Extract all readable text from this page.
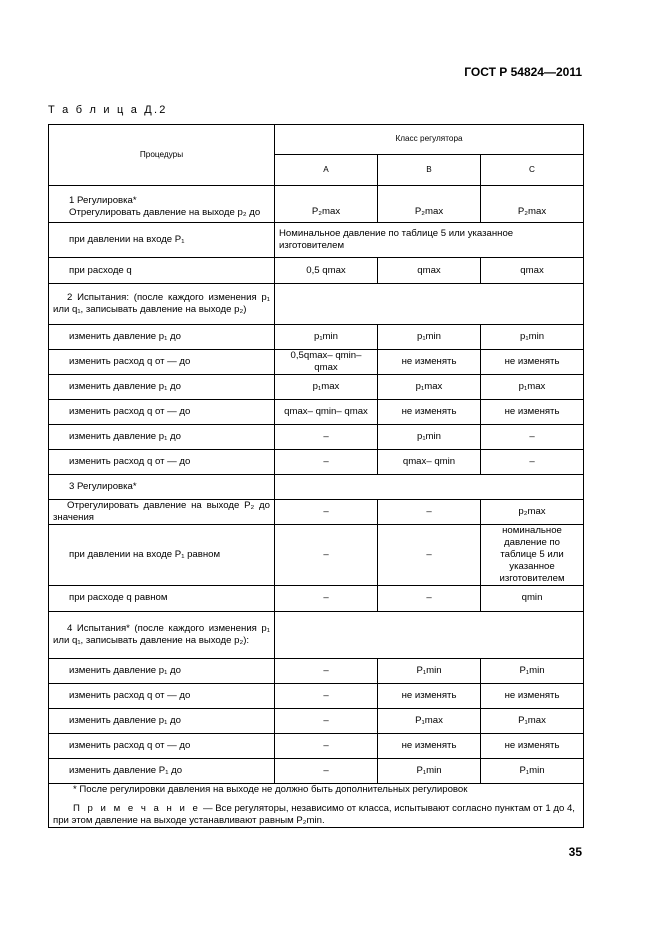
ГОСТ Р 54824—2011
Т а б л и ц а Д.2
Процедуры	Класс регулятора		
	A	B	C

1 Регулировка*
Отрегулировать давление на выходе p₂ до	P₂max	P₂max	P₂max
при давлении на входе P₁	Номинальное давление по таблице 5 или указанное изготовителем		
при расходе q	0,5 qmax	qmax	qmax
2 Испытания: (после каждого изменения p₁ или q₁, записывать давление на выходе p₂)			
изменить давление p₁ до	p₁min	p₁min	p₁min
изменить расход q от — до	0,5qmax– qmin– qmax	не изменять	не изменять
изменить давление p₁ до	p₁max	p₁max	p₁max
изменить расход q от — до	qmax– qmin– qmax	не изменять	не изменять
изменить давление p₁ до	–	p₁min	–
изменить расход q от — до	–	qmax– qmin	–
3 Регулировка*			
Отрегулировать давление на выходе P₂ до значения	–	–	p₂max
при давлении на входе P₁ равном	–	–	номинальное давление по таблице 5 или указанное изготовителем
при расходе q равном	–	–	qmin
4 Испытания* (после каждого изменения p₁ или q₁, записывать давление на выходе p₂):			
изменить давление p₁ до	–	P₁min	P₁min
изменить расход q от — до	–	не изменять	не изменять
изменить давление p₁ до	–	P₁max	P₁max
изменить расход q от — до	–	не изменять	не изменять
изменить давление P₁ до	–	P₁min	P₁min

* После регулировки давления на выходе не должно быть дополнительных регулировок

П р и м е ч а н и е — Все регуляторы, независимо от класса, испытывают согласно пунктам от 1 до 4, при этом давление на выходе устанавливают равным P₂min.			

35
